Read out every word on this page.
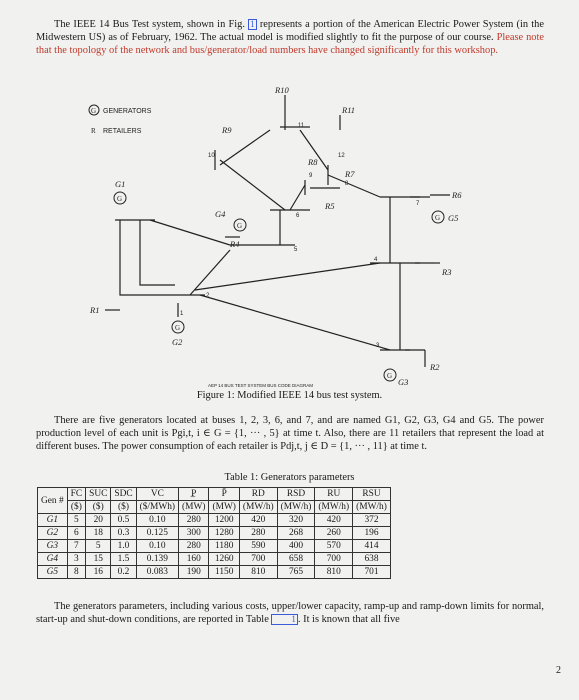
The IEEE 14 Bus Test system, shown in Fig. 1 represents a portion of the American Electric Power System (in the Midwestern US) as of February, 1962. The actual model is modified slightly to fit the purpose of our course. Please note that the topology of the network and bus/generator/load numbers have changed significantly for this workshop.
G GENERATORS
R RETAILERS
G
G
G
G
G
G1
G2
G3
G4	G5
R1
R2
R3
R4
R5
R6
R7
R8
R9
R10
R11
1
2
3
4
5
6
7
8
9
10
11
12
AEP 14 BUS TEST SYSTEM BUS CODE DIAGRAM
Figure 1: Modified IEEE 14 bus test system.
There are five generators located at buses 1, 2, 3, 6, and 7, and are named G1, G2, G3, G4 and G5. The power production level of each unit is Pgi,t, i ∈ G = {1, ··· , 5} at time t. Also, there are 11 retailers that represent the load at different buses. The power consumption of each retailer is Pdj,t, j ∈ D = {1, ··· , 11} at time t.
Table 1: Generators parameters
Gen #	FC	SUC	SDC	VC	P̲	P̄	RD	RSD	RU	RSU
	($)	($)	($)	($/MWh)	(MW)	(MW)	(MW/h)	(MW/h)	(MW/h)	(MW/h)
G1	5	20	0.5	0.10	280	1200	420	320	420	372
G2	6	18	0.3	0.125	300	1280	280	268	260	196
G3	7	5	1.0	0.10	280	1180	590	400	570	414
G4	3	15	1.5	0.139	160	1260	700	658	700	638
G5	8	16	0.2	0.083	190	1150	810	765	810	701
The generators parameters, including various costs, upper/lower capacity, ramp-up and ramp-down limits for normal, start-up and shut-down conditions, are reported in Table 1 . It is known that all five
2
